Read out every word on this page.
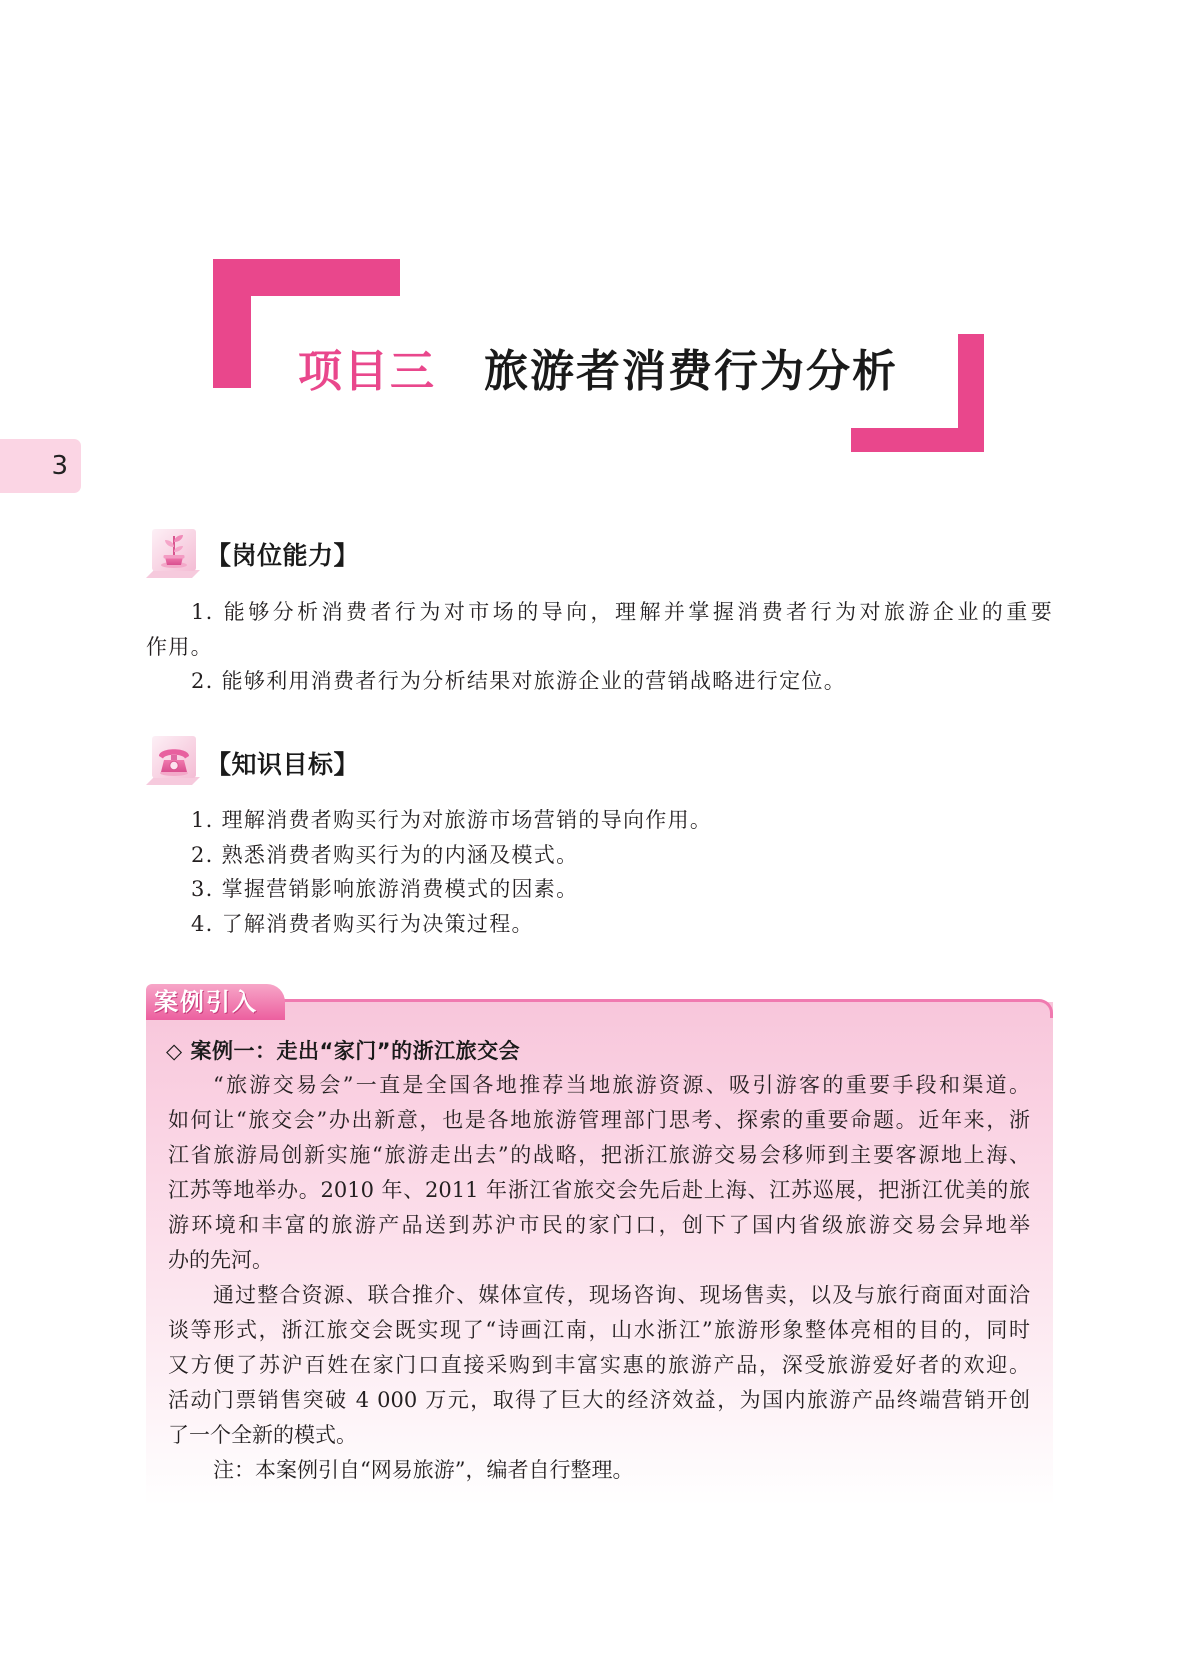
项目三 旅游者消费行为分析
3
【岗位能力】
1. 能够分析消费者行为对市场的导向，理解并掌握消费者行为对旅游企业的重要
作用。
2. 能够利用消费者行为分析结果对旅游企业的营销战略进行定位。
【知识目标】
1. 理解消费者购买行为对旅游市场营销的导向作用。
2. 熟悉消费者购买行为的内涵及模式。
3. 掌握营销影响旅游消费模式的因素。
4. 了解消费者购买行为决策过程。
案例引入
◇ 案例一：走出“家门”的浙江旅交会
“旅游交易会”一直是全国各地推荐当地旅游资源、吸引游客的重要手段和渠道。
如何让“旅交会”办出新意，也是各地旅游管理部门思考、探索的重要命题。近年来，浙
江省旅游局创新实施“旅游走出去”的战略，把浙江旅游交易会移师到主要客源地上海、
江苏等地举办。2010 年、2011 年浙江省旅交会先后赴上海、江苏巡展，把浙江优美的旅
游环境和丰富的旅游产品送到苏沪市民的家门口，创下了国内省级旅游交易会异地举
办的先河。
通过整合资源、联合推介、媒体宣传，现场咨询、现场售卖，以及与旅行商面对面洽
谈等形式，浙江旅交会既实现了“诗画江南，山水浙江”旅游形象整体亮相的目的，同时
又方便了苏沪百姓在家门口直接采购到丰富实惠的旅游产品，深受旅游爱好者的欢迎。
活动门票销售突破 4 000 万元，取得了巨大的经济效益，为国内旅游产品终端营销开创
了一个全新的模式。
注：本案例引自“网易旅游”，编者自行整理。
